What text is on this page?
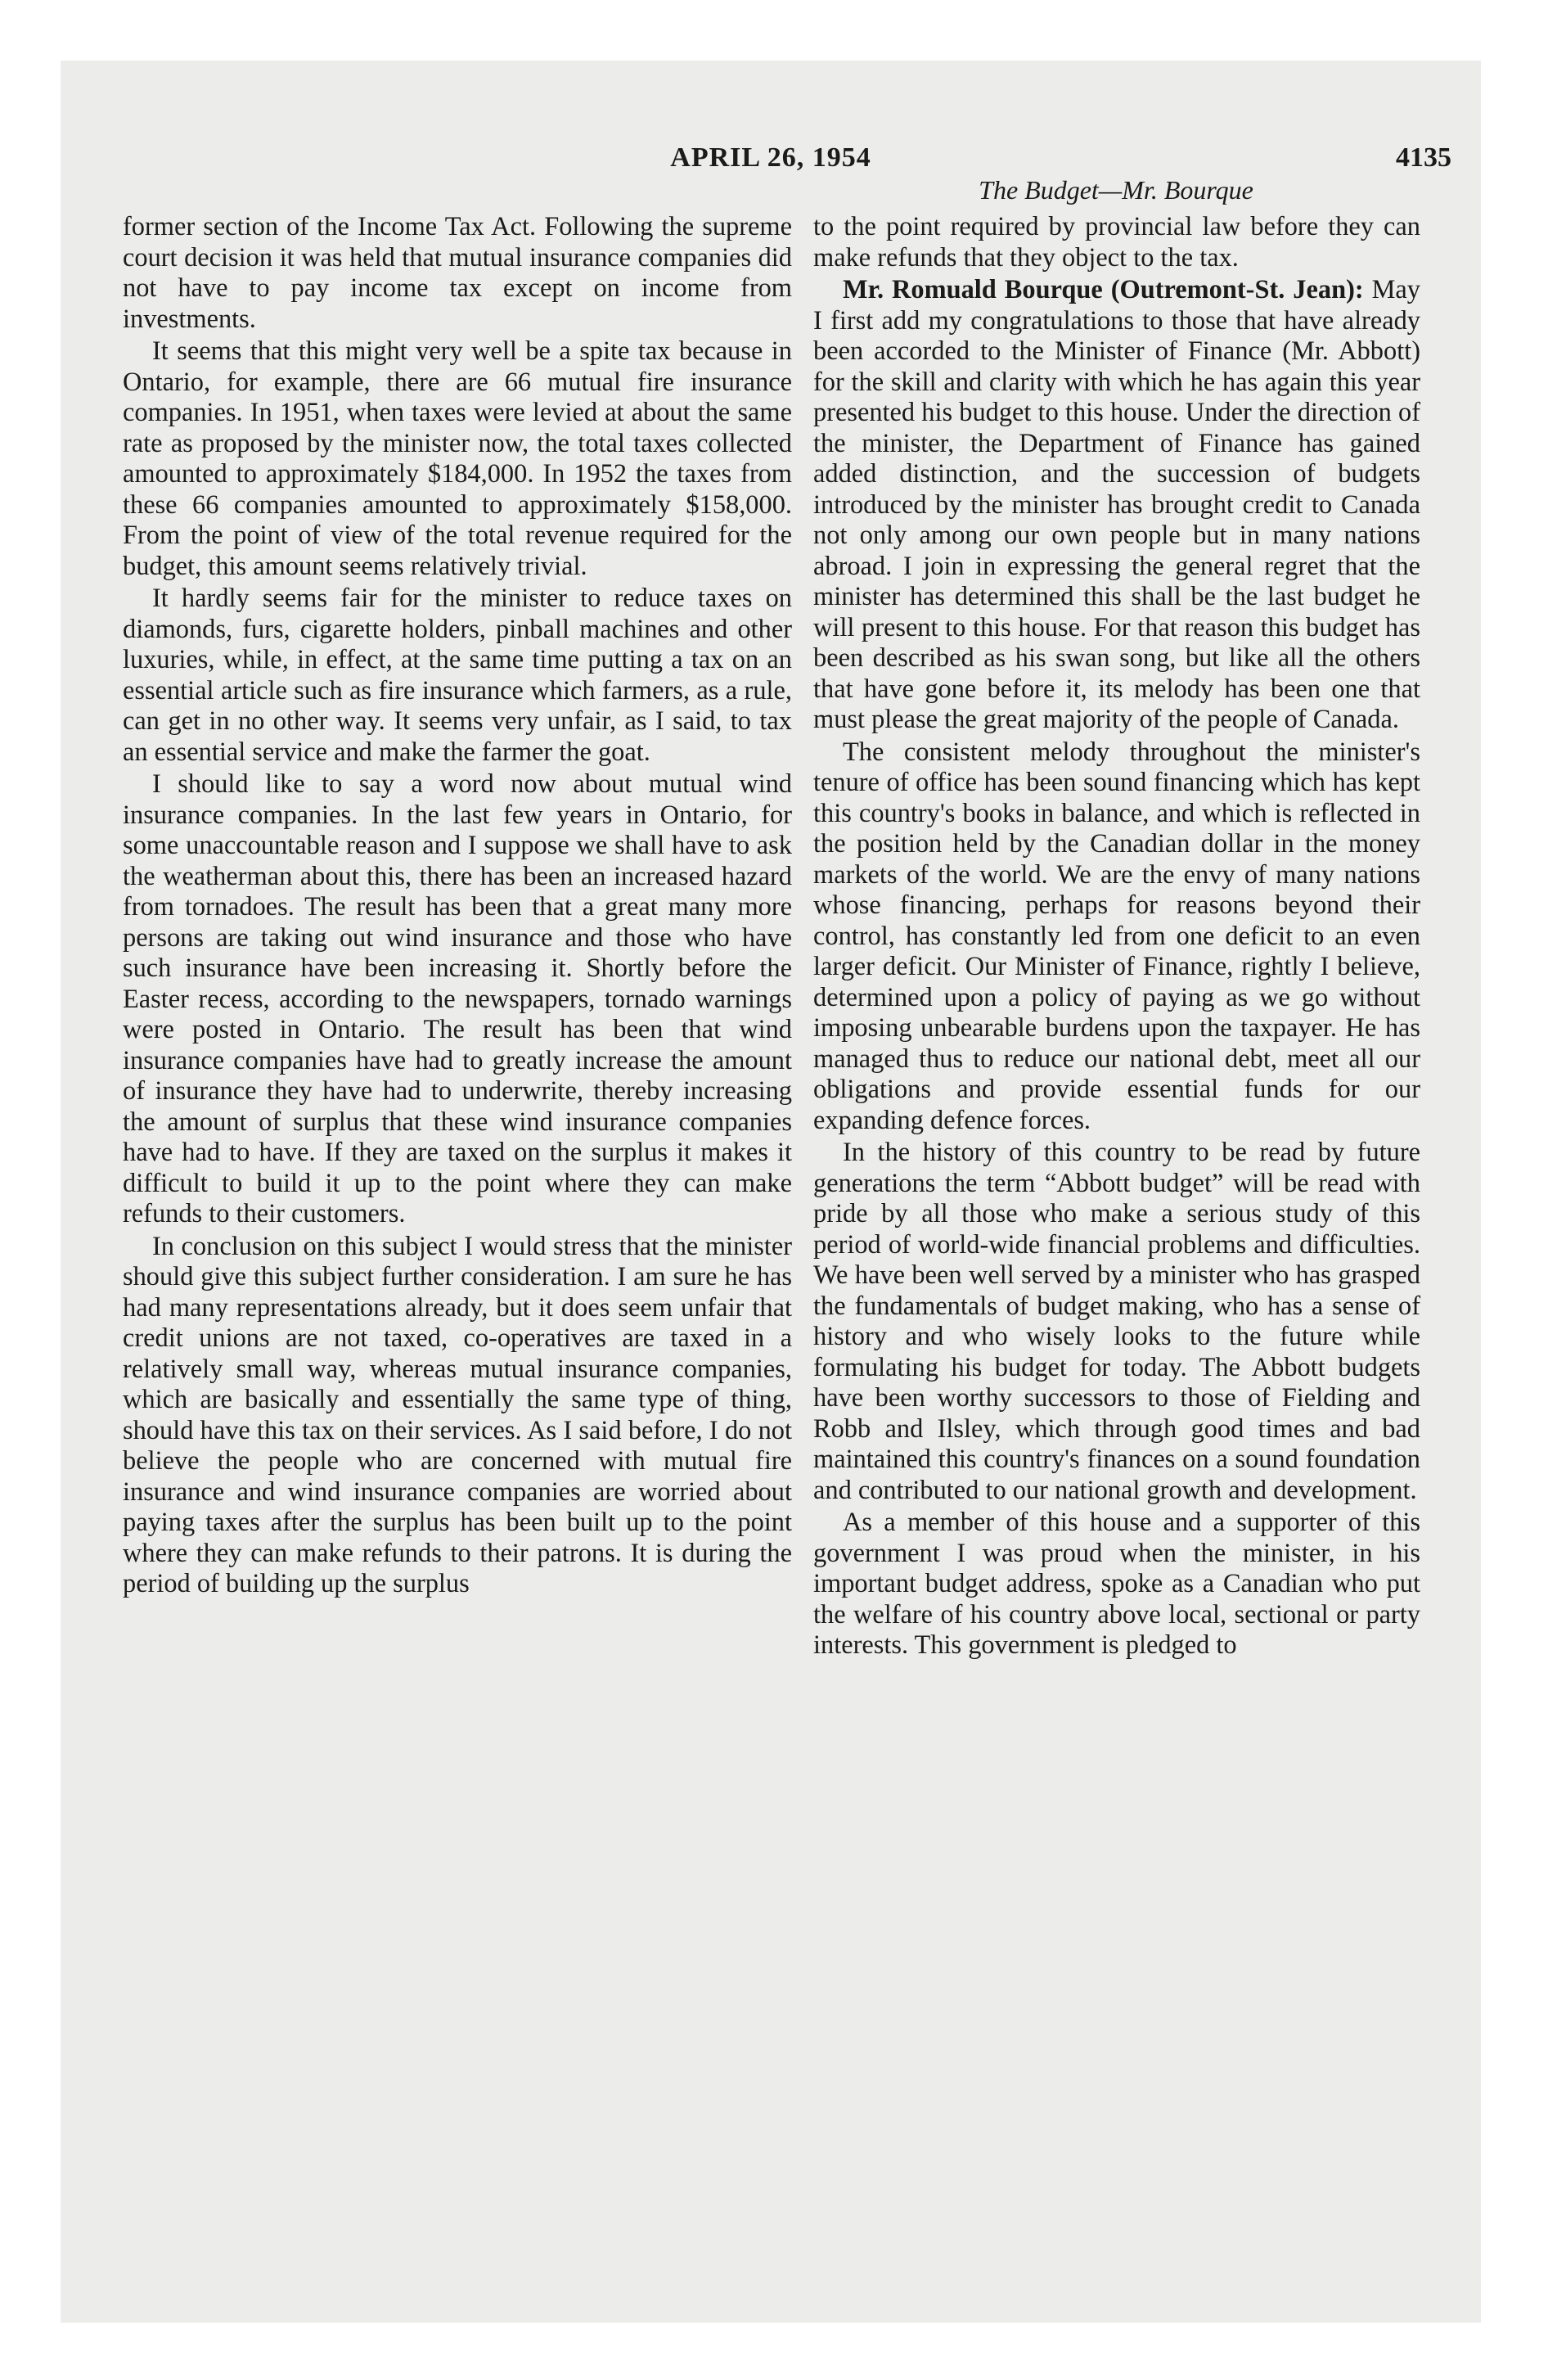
APRIL 26, 1954	4135
The Budget—Mr. Bourque

former section of the Income Tax Act. Following the supreme court decision it was held that mutual insurance companies did not have to pay income tax except on income from investments.

It seems that this might very well be a spite tax because in Ontario, for example, there are 66 mutual fire insurance companies. In 1951, when taxes were levied at about the same rate as proposed by the minister now, the total taxes collected amounted to approximately $184,000. In 1952 the taxes from these 66 companies amounted to approximately $158,000. From the point of view of the total revenue required for the budget, this amount seems relatively trivial.

It hardly seems fair for the minister to reduce taxes on diamonds, furs, cigarette holders, pinball machines and other luxuries, while, in effect, at the same time putting a tax on an essential article such as fire insurance which farmers, as a rule, can get in no other way. It seems very unfair, as I said, to tax an essential service and make the farmer the goat.

I should like to say a word now about mutual wind insurance companies. In the last few years in Ontario, for some unaccountable reason and I suppose we shall have to ask the weatherman about this, there has been an increased hazard from tornadoes. The result has been that a great many more persons are taking out wind insurance and those who have such insurance have been increasing it. Shortly before the Easter recess, according to the newspapers, tornado warnings were posted in Ontario. The result has been that wind insurance companies have had to greatly increase the amount of insurance they have had to underwrite, thereby increasing the amount of surplus that these wind insurance companies have had to have. If they are taxed on the surplus it makes it difficult to build it up to the point where they can make refunds to their customers.

In conclusion on this subject I would stress that the minister should give this subject further consideration. I am sure he has had many representations already, but it does seem unfair that credit unions are not taxed, co-operatives are taxed in a relatively small way, whereas mutual insurance companies, which are basically and essentially the same type of thing, should have this tax on their services. As I said before, I do not believe the people who are concerned with mutual fire insurance and wind insurance companies are worried about paying taxes after the surplus has been built up to the point where they can make refunds to their patrons. It is during the period of building up the surplus

to the point required by provincial law before they can make refunds that they object to the tax.

Mr. Romuald Bourque (Outremont-St. Jean): May I first add my congratulations to those that have already been accorded to the Minister of Finance (Mr. Abbott) for the skill and clarity with which he has again this year presented his budget to this house. Under the direction of the minister, the Department of Finance has gained added distinction, and the succession of budgets introduced by the minister has brought credit to Canada not only among our own people but in many nations abroad. I join in expressing the general regret that the minister has determined this shall be the last budget he will present to this house. For that reason this budget has been described as his swan song, but like all the others that have gone before it, its melody has been one that must please the great majority of the people of Canada.

The consistent melody throughout the minister's tenure of office has been sound financing which has kept this country's books in balance, and which is reflected in the position held by the Canadian dollar in the money markets of the world. We are the envy of many nations whose financing, perhaps for reasons beyond their control, has constantly led from one deficit to an even larger deficit. Our Minister of Finance, rightly I believe, determined upon a policy of paying as we go without imposing unbearable burdens upon the taxpayer. He has managed thus to reduce our national debt, meet all our obligations and provide essential funds for our expanding defence forces.

In the history of this country to be read by future generations the term “Abbott budget” will be read with pride by all those who make a serious study of this period of world-wide financial problems and difficulties. We have been well served by a minister who has grasped the fundamentals of budget making, who has a sense of history and who wisely looks to the future while formulating his budget for today. The Abbott budgets have been worthy successors to those of Fielding and Robb and Ilsley, which through good times and bad maintained this country's finances on a sound foundation and contributed to our national growth and development.

As a member of this house and a supporter of this government I was proud when the minister, in his important budget address, spoke as a Canadian who put the welfare of his country above local, sectional or party interests. This government is pledged to
